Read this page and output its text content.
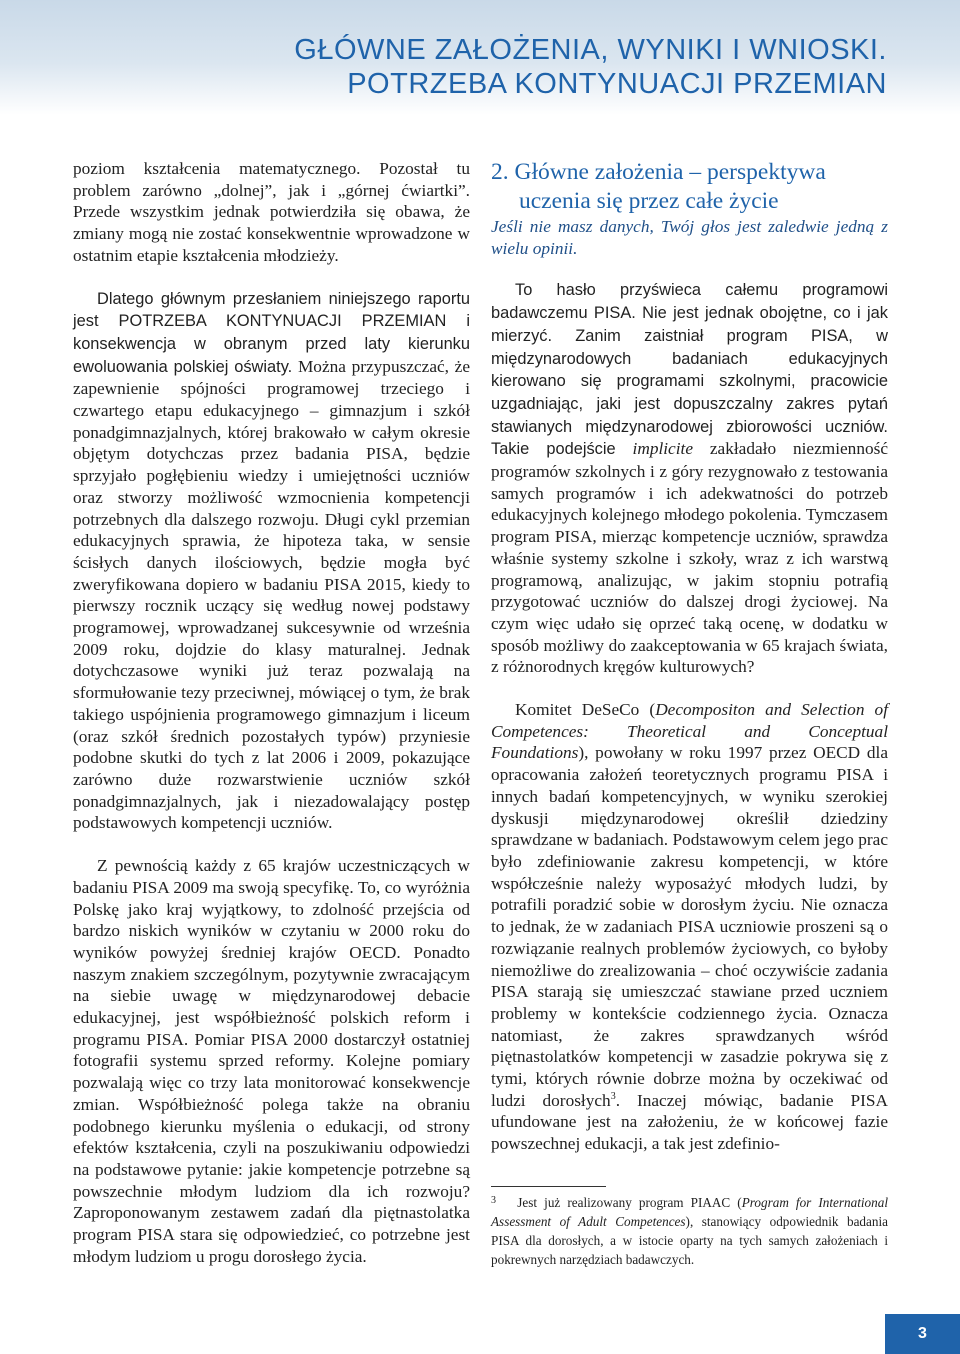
GŁÓWNE ZAŁOŻENIA, WYNIKI I WNIOSKI.
POTRZEBA KONTYNUACJI PRZEMIAN

poziom kształcenia matematycznego. Pozostał tu problem zarówno „dolnej”, jak i „górnej ćwiartki”. Przede wszystkim jednak potwierdziła się obawa, że zmiany mogą nie zostać konsekwentnie wprowadzone w ostatnim etapie kształcenia młodzieży.

Dlatego głównym przesłaniem niniejszego raportu jest POTRZEBA KONTYNUACJI PRZEMIAN i konsekwencja w obranym przed laty kierunku ewoluowania polskiej oświaty. Można przypuszczać, że zapewnienie spójności programowej trzeciego i czwartego etapu edukacyjnego – gimnazjum i szkół ponadgimnazjalnych, której brakowało w całym okresie objętym dotychczas przez badania PISA, będzie sprzyjało pogłębieniu wiedzy i umiejętności uczniów oraz stworzy możliwość wzmocnienia kompetencji potrzebnych dla dalszego rozwoju. Długi cykl przemian edukacyjnych sprawia, że hipoteza taka, w sensie ścisłych danych ilościowych, będzie mogła być zweryfikowana dopiero w badaniu PISA 2015, kiedy to pierwszy rocznik uczący się według nowej podstawy programowej, wprowadzanej sukcesywnie od września 2009 roku, dojdzie do klasy maturalnej. Jednak dotychczasowe wyniki już teraz pozwalają na sformułowanie tezy przeciwnej, mówiącej o tym, że brak takiego uspójnienia programowego gimnazjum i liceum (oraz szkół średnich pozostałych typów) przyniesie podobne skutki do tych z lat 2006 i 2009, pokazujące zarówno duże rozwarstwienie uczniów szkół ponadgimnazjalnych, jak i niezadowalający postęp podstawowych kompetencji uczniów.

Z pewnością każdy z 65 krajów uczestniczących w badaniu PISA 2009 ma swoją specyfikę. To, co wyróżnia Polskę jako kraj wyjątkowy, to zdolność przejścia od bardzo niskich wyników w czytaniu w 2000 roku do wyników powyżej średniej krajów OECD. Ponadto naszym znakiem szczególnym, pozytywnie zwracającym na siebie uwagę w międzynarodowej debacie edukacyjnej, jest współbieżność polskich reform i programu PISA. Pomiar PISA 2000 dostarczył ostatniej fotografii systemu sprzed reformy. Kolejne pomiary pozwalają więc co trzy lata monitorować konsekwencje zmian. Współbieżność polega także na obraniu podobnego kierunku myślenia o edukacji, od strony efektów kształcenia, czyli na poszukiwaniu odpowiedzi na podstawowe pytanie: jakie kompetencje potrzebne są powszechnie młodym ludziom dla ich rozwoju? Zaproponowanym zestawem zadań dla piętnastolatka program PISA stara się odpowiedzieć, co potrzebne jest młodym ludziom u progu dorosłego życia.

2. Główne założenia – perspektywa
uczenia się przez całe życie

Jeśli nie masz danych, Twój głos jest zaledwie jedną z wielu opinii.

To hasło przyświeca całemu programowi badawczemu PISA. Nie jest jednak obojętne, co i jak mierzyć. Zanim zaistniał program PISA, w międzynarodowych badaniach edukacyjnych kierowano się programami szkolnymi, pracowicie uzgadniając, jaki jest dopuszczalny zakres pytań stawianych międzynarodowej zbiorowości uczniów. Takie podejście implicite zakładało niezmienność programów szkolnych i z góry rezygnowało z testowania samych programów i ich adekwatności do potrzeb edukacyjnych kolejnego młodego pokolenia. Tymczasem program PISA, mierząc kompetencje uczniów, sprawdza właśnie systemy szkolne i szkoły, wraz z ich warstwą programową, analizując, w jakim stopniu potrafią przygotować uczniów do dalszej drogi życiowej. Na czym więc udało się oprzeć taką ocenę, w dodatku w sposób możliwy do zaakceptowania w 65 krajach świata, z różnorodnych kręgów kulturowych?

Komitet DeSeCo (Decompositon and Selection of Competences: Theoretical and Conceptual Foundations), powołany w roku 1997 przez OECD dla opracowania założeń teoretycznych programu PISA i innych badań kompetencyjnych, w wyniku szerokiej dyskusji międzynarodowej określił dziedziny sprawdzane w badaniach. Podstawowym celem jego prac było zdefiniowanie zakresu kompetencji, w które współcześnie należy wyposażyć młodych ludzi, by potrafili poradzić sobie w dorosłym życiu. Nie oznacza to jednak, że w zadaniach PISA uczniowie proszeni są o rozwiązanie realnych problemów życiowych, co byłoby niemożliwe do zrealizowania – choć oczywiście zadania PISA starają się umieszczać stawiane przed uczniem problemy w kontekście codziennego życia. Oznacza natomiast, że zakres sprawdzanych wśród piętnastolatków kompetencji w zasadzie pokrywa się z tymi, których równie dobrze można by oczekiwać od ludzi dorosłych$^3$. Inaczej mówiąc, badanie PISA ufundowane jest na założeniu, że w końcowej fazie powszechnej edukacji, a tak jest zdefinio-

$^3$ Jest już realizowany program PIAAC (Program for International Assessment of Adult Competences), stanowiący odpowiednik badania PISA dla dorosłych, a w istocie oparty na tych samych założeniach i pokrewnych narzędziach badawczych.
3
